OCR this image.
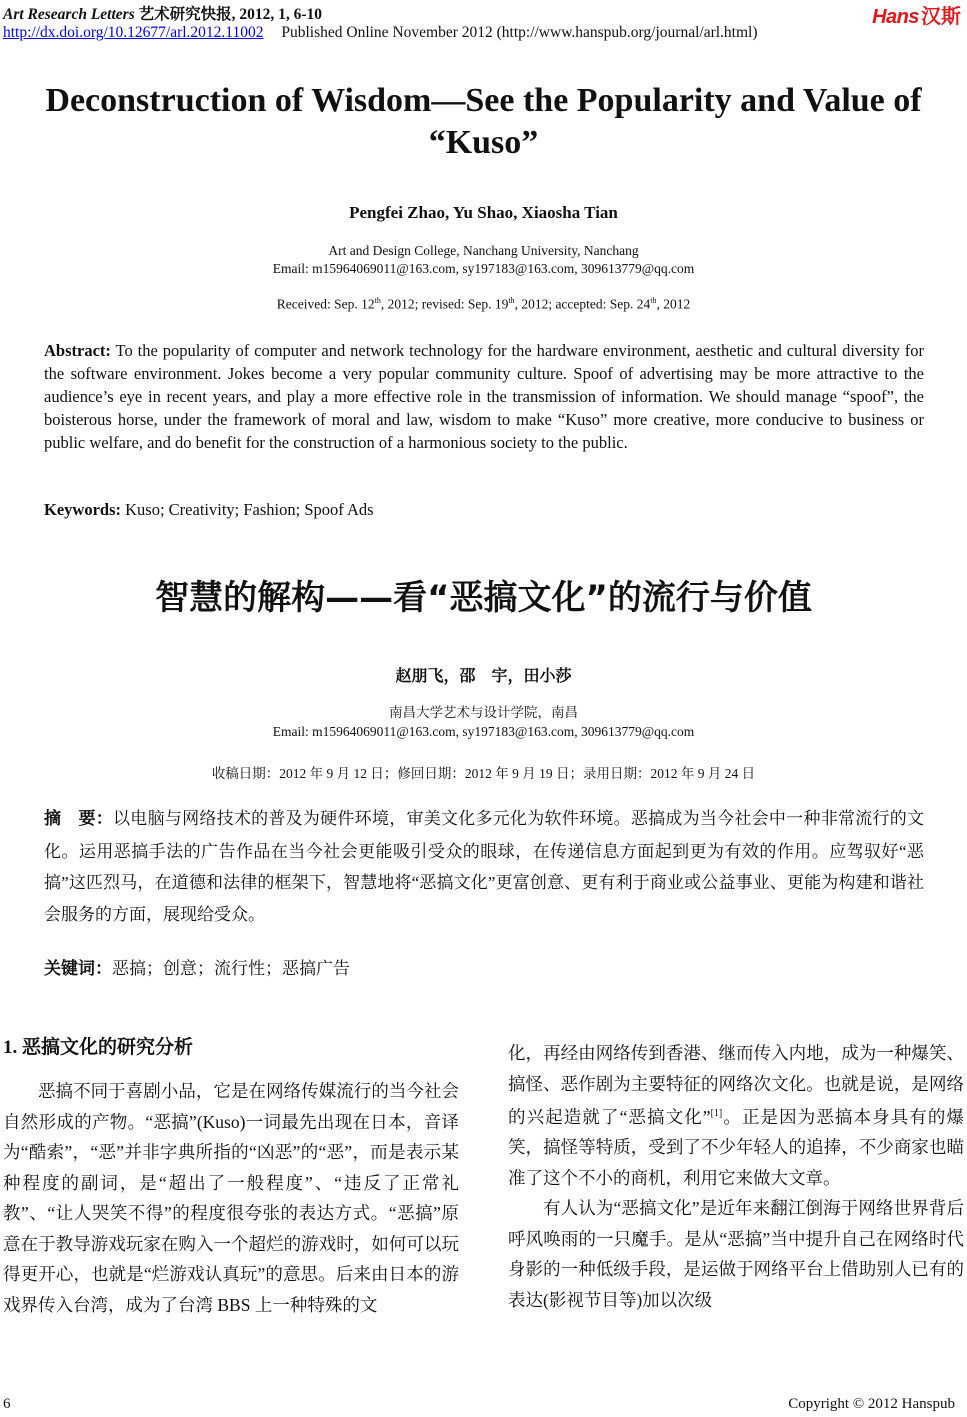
Art Research Letters 艺术研究快报, 2012, 1, 6-10	Hans 汉斯
http://dx.doi.org/10.12677/arl.2012.11002 Published Online November 2012 (http://www.hanspub.org/journal/arl.html)
Deconstruction of Wisdom—See the Popularity and Value of “Kuso”
Pengfei Zhao, Yu Shao, Xiaosha Tian
Art and Design College, Nanchang University, Nanchang
Email: m15964069011@163.com, sy197183@163.com, 309613779@qq.com
Received: Sep. 12th, 2012; revised: Sep. 19th, 2012; accepted: Sep. 24th, 2012
Abstract: To the popularity of computer and network technology for the hardware environment, aesthetic and cultural diversity for the software environment. Jokes become a very popular community culture. Spoof of advertising may be more attractive to the audience’s eye in recent years, and play a more effective role in the transmission of information. We should manage “spoof”, the boisterous horse, under the framework of moral and law, wisdom to make “Kuso” more creative, more conducive to business or public welfare, and do benefit for the construction of a harmonious society to the public.
Keywords: Kuso; Creativity; Fashion; Spoof Ads
智慧的解构——看“恶搞文化”的流行与价值
赵朋飞，邵　宇，田小莎
南昌大学艺术与设计学院，南昌
Email: m15964069011@163.com, sy197183@163.com, 309613779@qq.com
收稿日期：2012 年 9 月 12 日；修回日期：2012 年 9 月 19 日；录用日期：2012 年 9 月 24 日
摘　要：以电脑与网络技术的普及为硬件环境，审美文化多元化为软件环境。恶搞成为当今社会中一种非常流行的文化。运用恶搞手法的广告作品在当今社会更能吸引受众的眼球，在传递信息方面起到更为有效的作用。应驾驭好“恶搞”这匹烈马，在道德和法律的框架下，智慧地将“恶搞文化”更富创意、更有利于商业或公益事业、更能为构建和谐社会服务的方面，展现给受众。
关键词：恶搞；创意；流行性；恶搞广告
1. 恶搞文化的研究分析

恶搞不同于喜剧小品，它是在网络传媒流行的当今社会自然形成的产物。“恶搞”(Kuso)一词最先出现在日本，音译为“酷索”，“恶”并非字典所指的“凶恶”的“恶”，而是表示某种程度的副词，是“超出了一般程度”、“违反了正常礼教”、“让人哭笑不得”的程度很夸张的表达方式。“恶搞”原意在于教导游戏玩家在购入一个超烂的游戏时，如何可以玩得更开心，也就是“烂游戏认真玩”的意思。后来由日本的游戏界传入台湾，成为了台湾 BBS 上一种特殊的文

化，再经由网络传到香港、继而传入内地，成为一种爆笑、搞怪、恶作剧为主要特征的网络次文化。也就是说，是网络的兴起造就了“恶搞文化”[1]。正是因为恶搞本身具有的爆笑，搞怪等特质，受到了不少年轻人的追捧，不少商家也瞄准了这个不小的商机，利用它来做大文章。

有人认为“恶搞文化”是近年来翻江倒海于网络世界背后呼风唤雨的一只魔手。是从“恶搞”当中提升自己在网络时代身影的一种低级手段，是运做于网络平台上借助别人已有的表达(影视节目等)加以次级

6	Copyright © 2012 Hanspub
